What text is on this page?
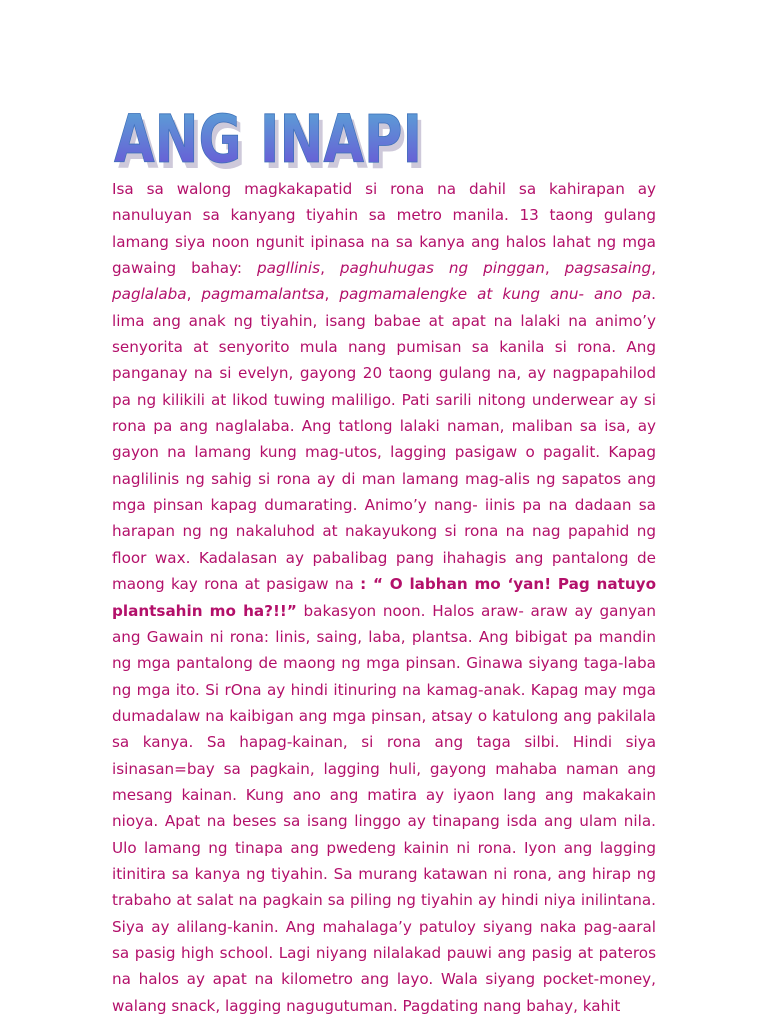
ANG INAPI
ANG INAPI

Isa sa walong magkakapatid si rona na dahil sa kahirapan ay nanuluyan sa kanyang tiyahin sa metro manila. 13 taong gulang lamang siya noon ngunit ipinasa na sa kanya ang halos lahat ng mga gawaing bahay: pagllinis, paghuhugas ng pinggan, pagsasaing, paglalaba, pagmamalantsa, pagmamalengke at kung anu- ano pa. lima ang anak ng tiyahin, isang babae at apat na lalaki na animo’y senyorita at senyorito mula nang pumisan sa kanila si rona. Ang panganay na si evelyn, gayong 20 taong gulang na, ay nagpapahilod pa ng kilikili at likod tuwing maliligo. Pati sarili nitong underwear ay si rona pa ang naglalaba. Ang tatlong lalaki naman, maliban sa isa, ay gayon na lamang kung mag-utos, lagging pasigaw o pagalit. Kapag naglilinis ng sahig si rona ay di man lamang mag-alis ng sapatos ang mga pinsan kapag dumarating. Animo’y nang- iinis pa na dadaan sa harapan ng ng nakaluhod at nakayukong si rona na nag papahid ng floor wax. Kadalasan ay pabalibag pang ihahagis ang pantalong de maong kay rona at pasigaw na : “ O labhan mo ‘yan! Pag natuyo plantsahin mo ha?!!” bakasyon noon. Halos araw- araw ay ganyan ang Gawain ni rona: linis, saing, laba, plantsa. Ang bibigat pa mandin ng mga pantalong de maong ng mga pinsan. Ginawa siyang taga-laba ng mga ito. Si rOna ay hindi itinuring na kamag-anak. Kapag may mga dumadalaw na kaibigan ang mga pinsan, atsay o katulong ang pakilala sa kanya. Sa hapag-kainan, si rona ang taga silbi. Hindi siya isinasan=bay sa pagkain, lagging huli, gayong mahaba naman ang mesang kainan. Kung ano ang matira ay iyaon lang ang makakain nioya. Apat na beses sa isang linggo ay tinapang isda ang ulam nila. Ulo lamang ng tinapa ang pwedeng kainin ni rona. Iyon ang lagging itinitira sa kanya ng tiyahin. Sa murang katawan ni rona, ang hirap ng trabaho at salat na pagkain sa piling ng tiyahin ay hindi niya inilintana. Siya ay alilang-kanin. Ang mahalaga’y patuloy siyang naka pag-aaral sa pasig high school. Lagi niyang nilalakad pauwi ang pasig at pateros na halos ay apat na kilometro ang layo. Wala siyang pocket-money, walang snack, lagging nagugutuman. Pagdating nang bahay, kahit
